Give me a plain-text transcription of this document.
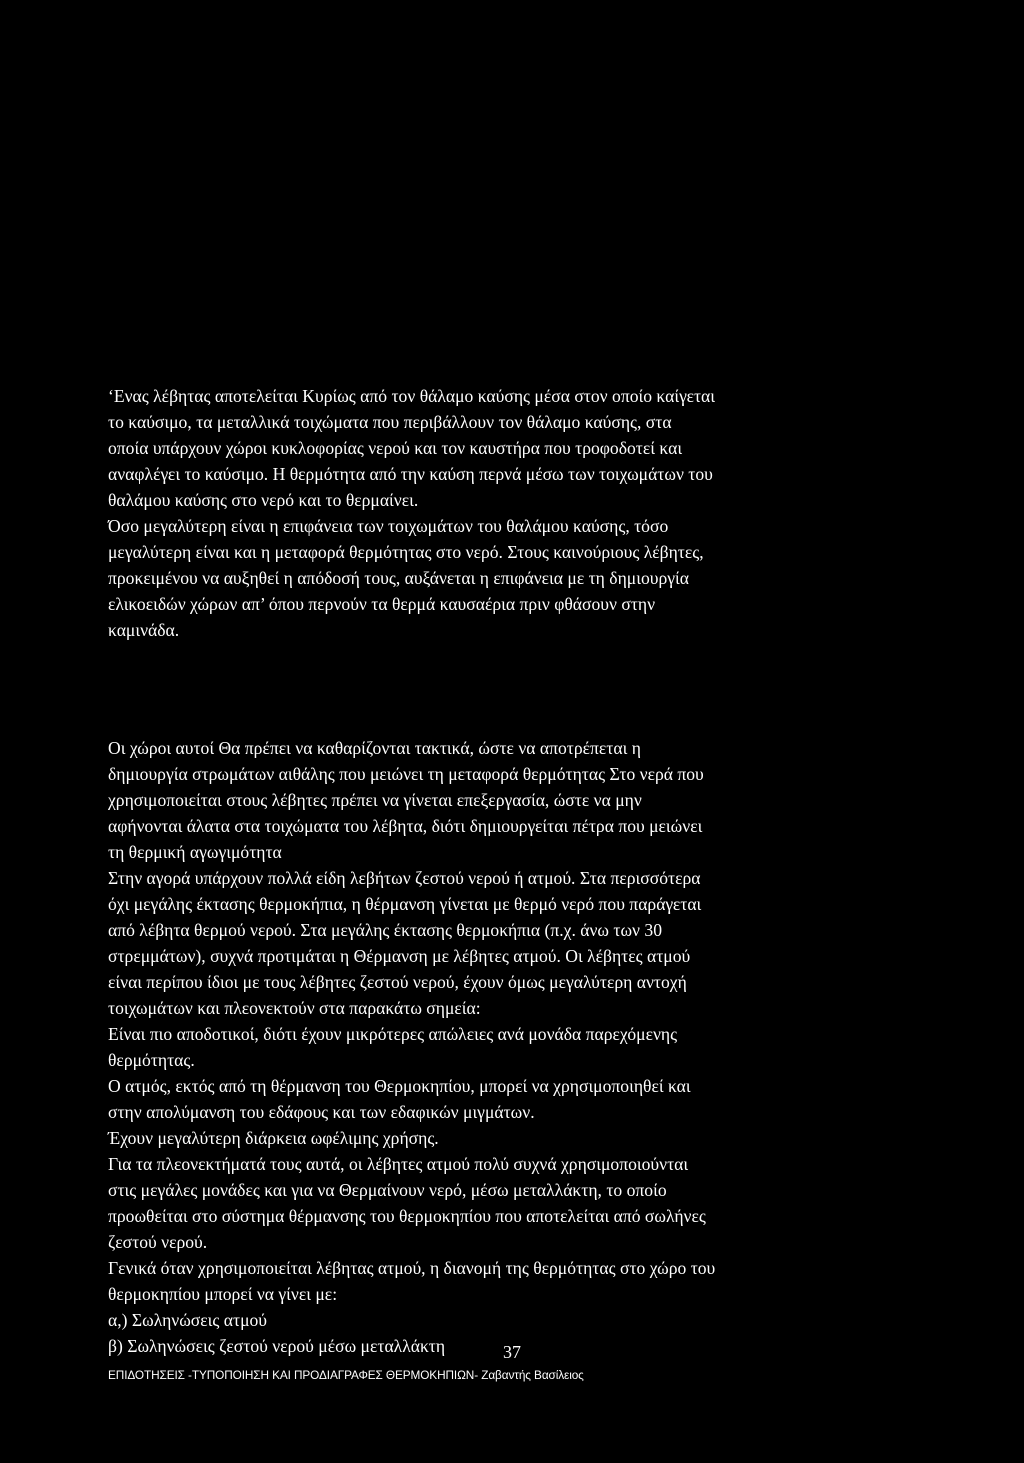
‘Ενας λέβητας αποτελείται Κυρίως από τον θάλαμο καύσης μέσα στον οποίο καίγεται
το καύσιμο, τα μεταλλικά τοιχώματα που περιβάλλουν τον θάλαμο καύσης, στα
οποία υπάρχουν χώροι κυκλοφορίας νερού και τον καυστήρα που τροφοδοτεί και
αναφλέγει το καύσιμο. Η θερμότητα από την καύση περνά μέσω των τοιχωμάτων του
θαλάμου καύσης στο νερό και το θερμαίνει.
Όσο μεγαλύτερη είναι η επιφάνεια των τοιχωμάτων του θαλάμου καύσης, τόσο
μεγαλύτερη είναι και η μεταφορά θερμότητας στο νερό. Στους καινούριους λέβητες,
προκειμένου να αυξηθεί η απόδοσή τους, αυξάνεται η επιφάνεια με τη δημιουργία
ελικοειδών χώρων απ’ όπου περνούν τα θερμά καυσαέρια πριν φθάσουν στην
καμινάδα.
Οι χώροι αυτοί Θα πρέπει να καθαρίζονται τακτικά, ώστε να αποτρέπεται η
δημιουργία στρωμάτων αιθάλης που μειώνει τη μεταφορά θερμότητας Στο νερά που
χρησιμοποιείται στους λέβητες πρέπει να γίνεται επεξεργασία, ώστε να μην
αφήνονται άλατα στα τοιχώματα του λέβητα, διότι δημιουργείται πέτρα που μειώνει
τη θερμική αγωγιμότητα
Στην αγορά υπάρχουν πολλά είδη λεβήτων ζεστού νερού ή ατμού. Στα περισσότερα
όχι μεγάλης έκτασης θερμοκήπια, η θέρμανση γίνεται με θερμό νερό που παράγεται
από λέβητα θερμού νερού. Στα μεγάλης έκτασης θερμοκήπια (π.χ. άνω των 30
στρεμμάτων), συχνά προτιμάται η Θέρμανση με λέβητες ατμού. Οι λέβητες ατμού
είναι περίπου ίδιοι με τους λέβητες ζεστού νερού, έχουν όμως μεγαλύτερη αντοχή
τοιχωμάτων και πλεονεκτούν στα παρακάτω σημεία:
Είναι πιο αποδοτικοί, διότι έχουν μικρότερες απώλειες ανά μονάδα παρεχόμενης
θερμότητας.
Ο ατμός, εκτός από τη θέρμανση του Θερμοκηπίου, μπορεί να χρησιμοποιηθεί και
στην απολύμανση του εδάφους και των εδαφικών μιγμάτων.
Έχουν μεγαλύτερη διάρκεια ωφέλιμης χρήσης.
Για τα πλεονεκτήματά τους αυτά, οι λέβητες ατμού πολύ συχνά χρησιμοποιούνται
στις μεγάλες μονάδες και για να Θερμαίνουν νερό, μέσω μεταλλάκτη, το οποίο
προωθείται στο σύστημα θέρμανσης του θερμοκηπίου που αποτελείται από σωλήνες
ζεστού νερού.
Γενικά όταν χρησιμοποιείται λέβητας ατμού, η διανομή της θερμότητας στο χώρο του
θερμοκηπίου μπορεί να γίνει με:
α,) Σωληνώσεις ατμού
β) Σωληνώσεις ζεστού νερού μέσω μεταλλάκτη	37
ΕΠΙΔΟΤΗΣΕΙΣ -ΤΥΠΟΠΟΙΗΣΗ ΚΑΙ ΠΡΟΔΙΑΓΡΑΦΕΣ ΘΕΡΜΟΚΗΠΙΩΝ- Ζαβαντής Βασίλειος
